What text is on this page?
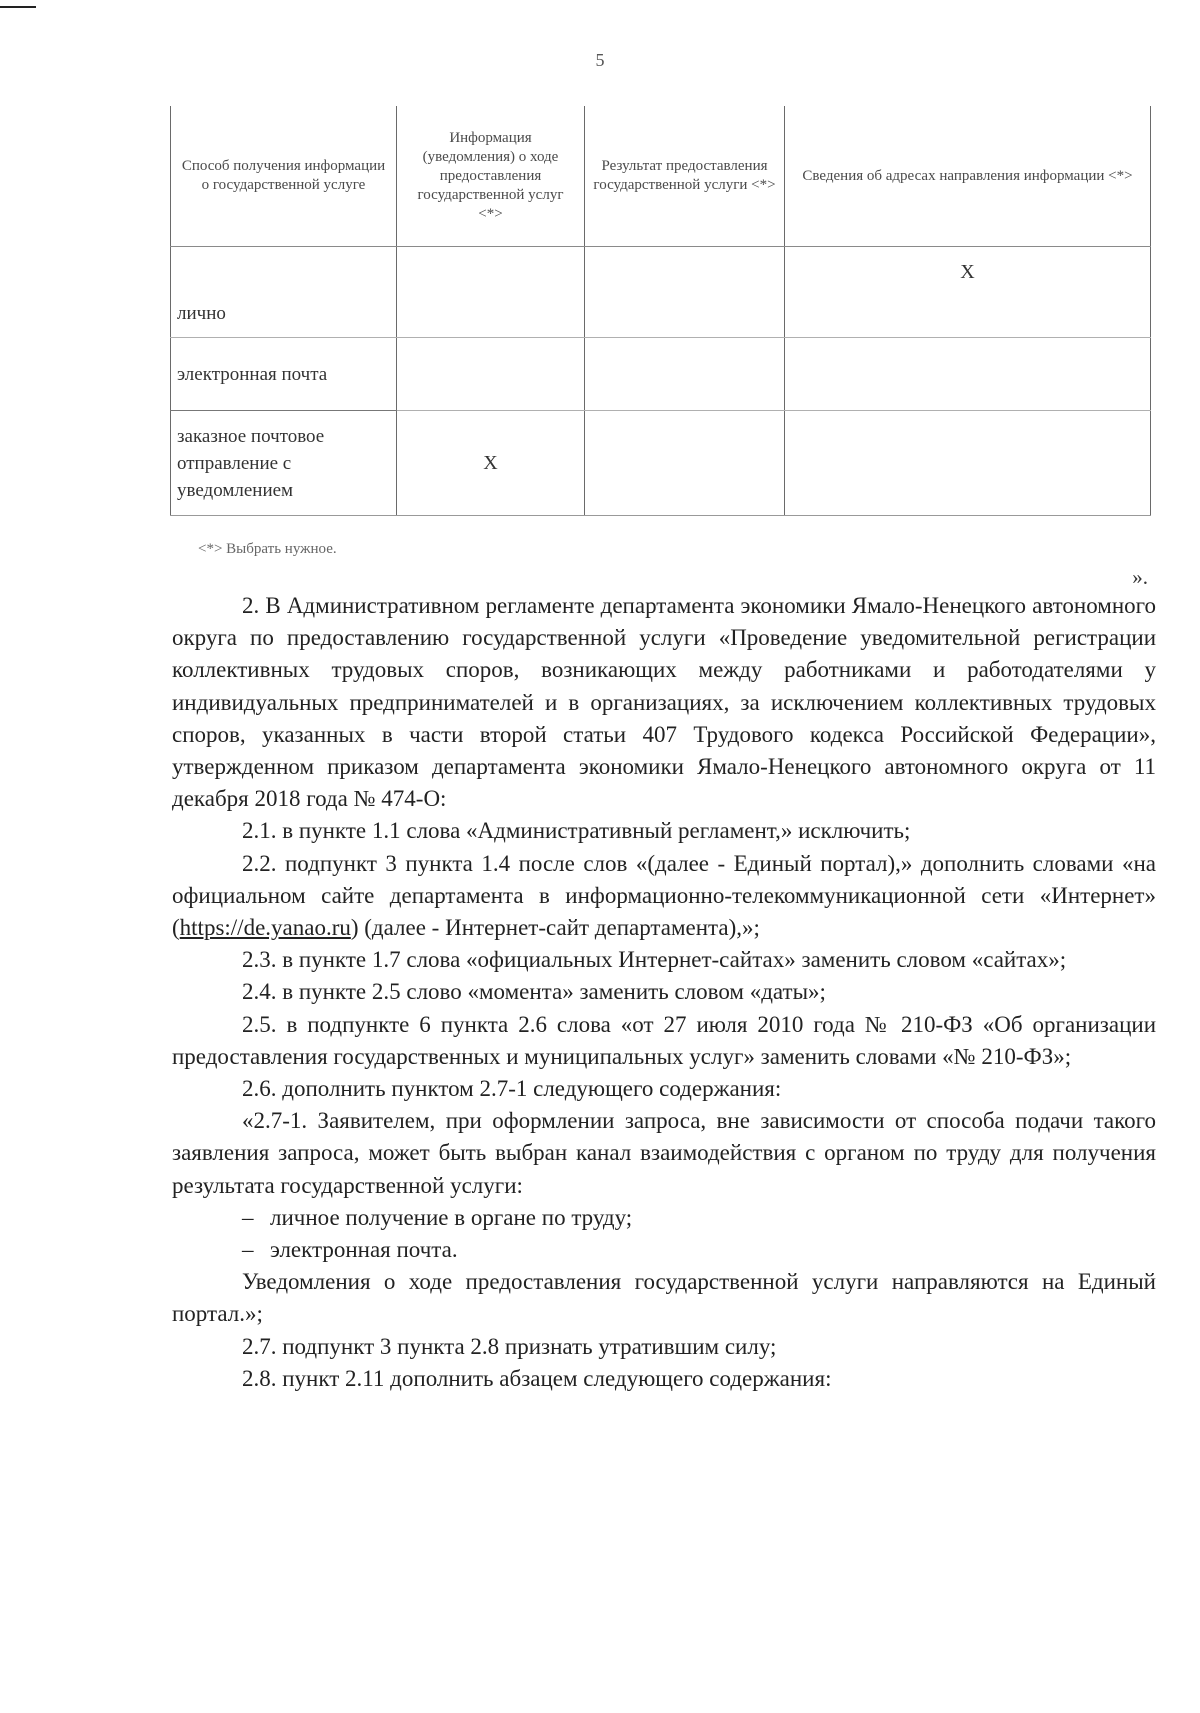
5
Способ получения информации о государственной услуге	Информация (уведомления) о ходе предоставления государственной услуг <*>	Результат предоставления государственной услуги <*>	Сведения об адресах направления информации <*>
лично			X
электронная почта			
заказное почтовое отправление с уведомлением	X		
<*> Выбрать нужное.
».

2. В Административном регламенте департамента экономики Ямало-Ненецкого автономного округа по предоставлению государственной услуги «Проведение уведомительной регистрации коллективных трудовых споров, возникающих между работниками и работодателями у индивидуальных предпринимателей и в организациях, за исключением коллективных трудовых споров, указанных в части второй статьи 407 Трудового кодекса Российской Федерации», утвержденном приказом департамента экономики Ямало-Ненецкого автономного округа от 11 декабря 2018 года № 474-О:

2.1. в пункте 1.1 слова «Административный регламент,» исключить;

2.2. подпункт 3 пункта 1.4 после слов «(далее - Единый портал),» дополнить словами «на официальном сайте департамента в информационно-телекоммуникационной сети «Интернет» (https://de.yanao.ru) (далее - Интернет-сайт департамента),»;

2.3. в пункте 1.7 слова «официальных Интернет-сайтах» заменить словом «сайтах»;

2.4. в пункте 2.5 слово «момента» заменить словом «даты»;

2.5. в подпункте 6 пункта 2.6 слова «от 27 июля 2010 года № 210-ФЗ «Об организации предоставления государственных и муниципальных услуг» заменить словами «№ 210-ФЗ»;

2.6. дополнить пунктом 2.7-1 следующего содержания:

«2.7-1. Заявителем, при оформлении запроса, вне зависимости от способа подачи такого заявления запроса, может быть выбран канал взаимодействия с органом по труду для получения результата государственной услуги:

– личное получение в органе по труду;

– электронная почта.

Уведомления о ходе предоставления государственной услуги направляются на Единый портал.»;

2.7. подпункт 3 пункта 2.8 признать утратившим силу;

2.8. пункт 2.11 дополнить абзацем следующего содержания:
